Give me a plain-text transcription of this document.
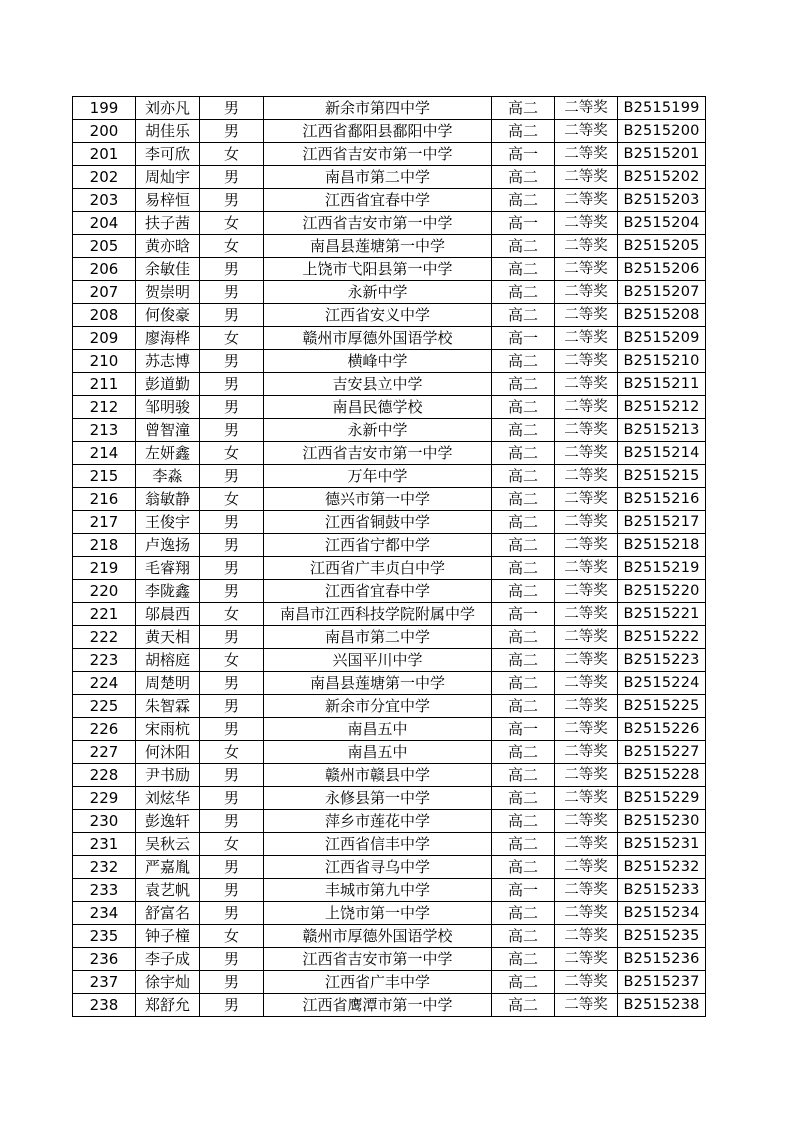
199	刘亦凡	男	新余市第四中学	高二	二等奖	B2515199
200	胡佳乐	男	江西省鄱阳县鄱阳中学	高二	二等奖	B2515200
201	李可欣	女	江西省吉安市第一中学	高一	二等奖	B2515201
202	周灿宇	男	南昌市第二中学	高二	二等奖	B2515202
203	易梓恒	男	江西省宜春中学	高二	二等奖	B2515203
204	扶子茜	女	江西省吉安市第一中学	高一	二等奖	B2515204
205	黄亦晗	女	南昌县莲塘第一中学	高二	二等奖	B2515205
206	余敏佳	男	上饶市弋阳县第一中学	高二	二等奖	B2515206
207	贺崇明	男	永新中学	高二	二等奖	B2515207
208	何俊豪	男	江西省安义中学	高二	二等奖	B2515208
209	廖海桦	女	赣州市厚德外国语学校	高一	二等奖	B2515209
210	苏志博	男	横峰中学	高二	二等奖	B2515210
211	彭道勤	男	吉安县立中学	高二	二等奖	B2515211
212	邹明骏	男	南昌民德学校	高二	二等奖	B2515212
213	曾智潼	男	永新中学	高二	二等奖	B2515213
214	左妍鑫	女	江西省吉安市第一中学	高二	二等奖	B2515214
215	李淼	男	万年中学	高二	二等奖	B2515215
216	翁敏静	女	德兴市第一中学	高二	二等奖	B2515216
217	王俊宇	男	江西省铜鼓中学	高二	二等奖	B2515217
218	卢逸扬	男	江西省宁都中学	高二	二等奖	B2515218
219	毛睿翔	男	江西省广丰贞白中学	高二	二等奖	B2515219
220	李陇鑫	男	江西省宜春中学	高二	二等奖	B2515220
221	邬晨西	女	南昌市江西科技学院附属中学	高一	二等奖	B2515221
222	黄天相	男	南昌市第二中学	高二	二等奖	B2515222
223	胡榕庭	女	兴国平川中学	高二	二等奖	B2515223
224	周楚明	男	南昌县莲塘第一中学	高二	二等奖	B2515224
225	朱智霖	男	新余市分宜中学	高二	二等奖	B2515225
226	宋雨杭	男	南昌五中	高一	二等奖	B2515226
227	何沐阳	女	南昌五中	高二	二等奖	B2515227
228	尹书励	男	赣州市赣县中学	高二	二等奖	B2515228
229	刘炫华	男	永修县第一中学	高二	二等奖	B2515229
230	彭逸轩	男	萍乡市莲花中学	高二	二等奖	B2515230
231	吴秋云	女	江西省信丰中学	高二	二等奖	B2515231
232	严嘉胤	男	江西省寻乌中学	高二	二等奖	B2515232
233	袁艺帆	男	丰城市第九中学	高一	二等奖	B2515233
234	舒富名	男	上饶市第一中学	高二	二等奖	B2515234
235	钟子橦	女	赣州市厚德外国语学校	高二	二等奖	B2515235
236	李子成	男	江西省吉安市第一中学	高二	二等奖	B2515236
237	徐宇灿	男	江西省广丰中学	高二	二等奖	B2515237
238	郑舒允	男	江西省鹰潭市第一中学	高二	二等奖	B2515238
